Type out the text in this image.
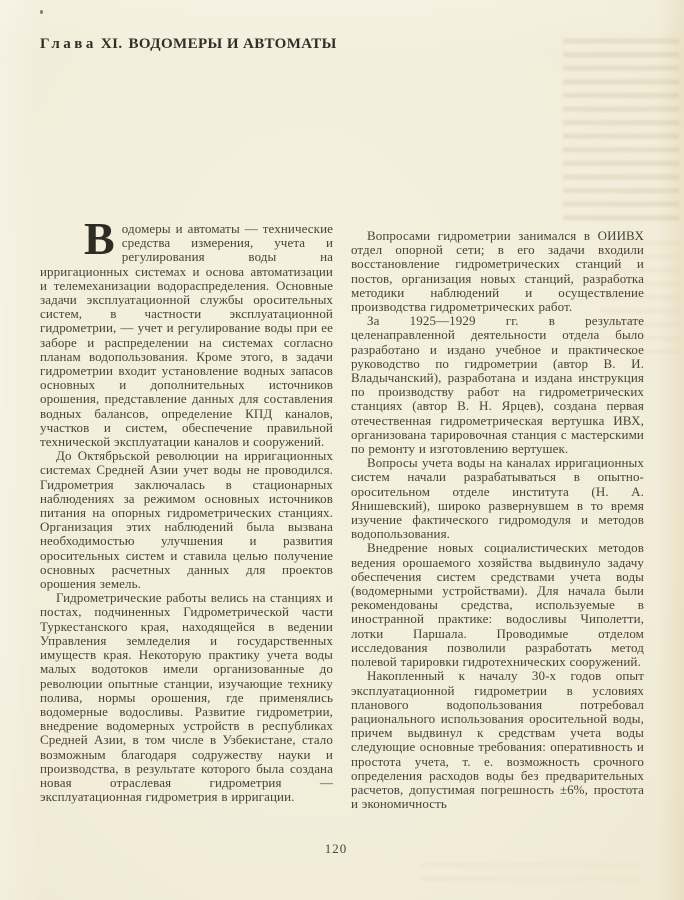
Глава XI. ВОДОМЕРЫ И АВТОМАТЫ

Водомеры и автоматы — технические средства измерения, учета и регулирования воды на ирригационных системах и основа автоматизации и телемеханизации водораспределения. Основные задачи эксплуатационной службы оросительных систем, в частности эксплуатационной гидрометрии, — учет и регулирование воды при ее заборе и распределении на системах согласно планам водопользования. Кроме этого, в задачи гидрометрии входит установление водных запасов основных и дополнительных источников орошения, представление данных для составления водных балансов, определение КПД каналов, участков и систем, обеспечение правильной технической эксплуатации каналов и сооружений.

До Октябрьской революции на ирригационных системах Средней Азии учет воды не проводился. Гидрометрия заключалась в стационарных наблюдениях за режимом основных источников питания на опорных гидрометрических станциях. Организация этих наблюдений была вызвана необходимостью улучшения и развития оросительных систем и ставила целью получение основных расчетных данных для проектов орошения земель.

Гидрометрические работы велись на станциях и постах, подчиненных Гидрометрической части Туркестанского края, находящейся в ведении Управления земледелия и государственных имуществ края. Некоторую практику учета воды малых водотоков имели организованные до революции опытные станции, изучающие технику полива, нормы орошения, где применялись водомерные водосливы. Развитие гидрометрии, внедрение водомерных устройств в республиках Средней Азии, в том числе в Узбекистане, стало возможным благодаря содружеству науки и производства, в результате которого была создана новая отраслевая гидрометрия — эксплуатационная гидрометрия в ирригации.

Вопросами гидрометрии занимался в ОИИВХ отдел опорной сети; в его задачи входили восстановление гидрометрических станций и постов, организация новых станций, разработка методики наблюдений и осуществление производства гидрометрических работ.

За 1925—1929 гг. в результате целенаправленной деятельности отдела было разработано и издано учебное и практическое руководство по гидрометрии (автор В. И. Владычанский), разработана и издана инструкция по производству работ на гидрометрических станциях (автор В. Н. Ярцев), создана первая отечественная гидрометрическая вертушка ИВХ, организована тарировочная станция с мастерскими по ремонту и изготовлению вертушек.

Вопросы учета воды на каналах ирригационных систем начали разрабатываться в опытно-оросительном отделе института (Н. А. Янишевский), широко развернувшем в то время изучение фактического гидромодуля и методов водопользования.

Внедрение новых социалистических методов ведения орошаемого хозяйства выдвинуло задачу обеспечения систем средствами учета воды (водомерными устройствами). Для начала были рекомендованы средства, используемые в иностранной практике: водосливы Чиполетти, лотки Паршала. Проводимые отделом исследования позволили разработать метод полевой тарировки гидротехнических сооружений.

Накопленный к началу 30-х годов опыт эксплуатационной гидрометрии в условиях планового водопользования потребовал рационального использования оросительной воды, причем выдвинул к средствам учета воды следующие основные требования: оперативность и простота учета, т. е. возможность срочного определения расходов воды без предварительных расчетов, допустимая погрешность ±6%, простота и экономичность

120
